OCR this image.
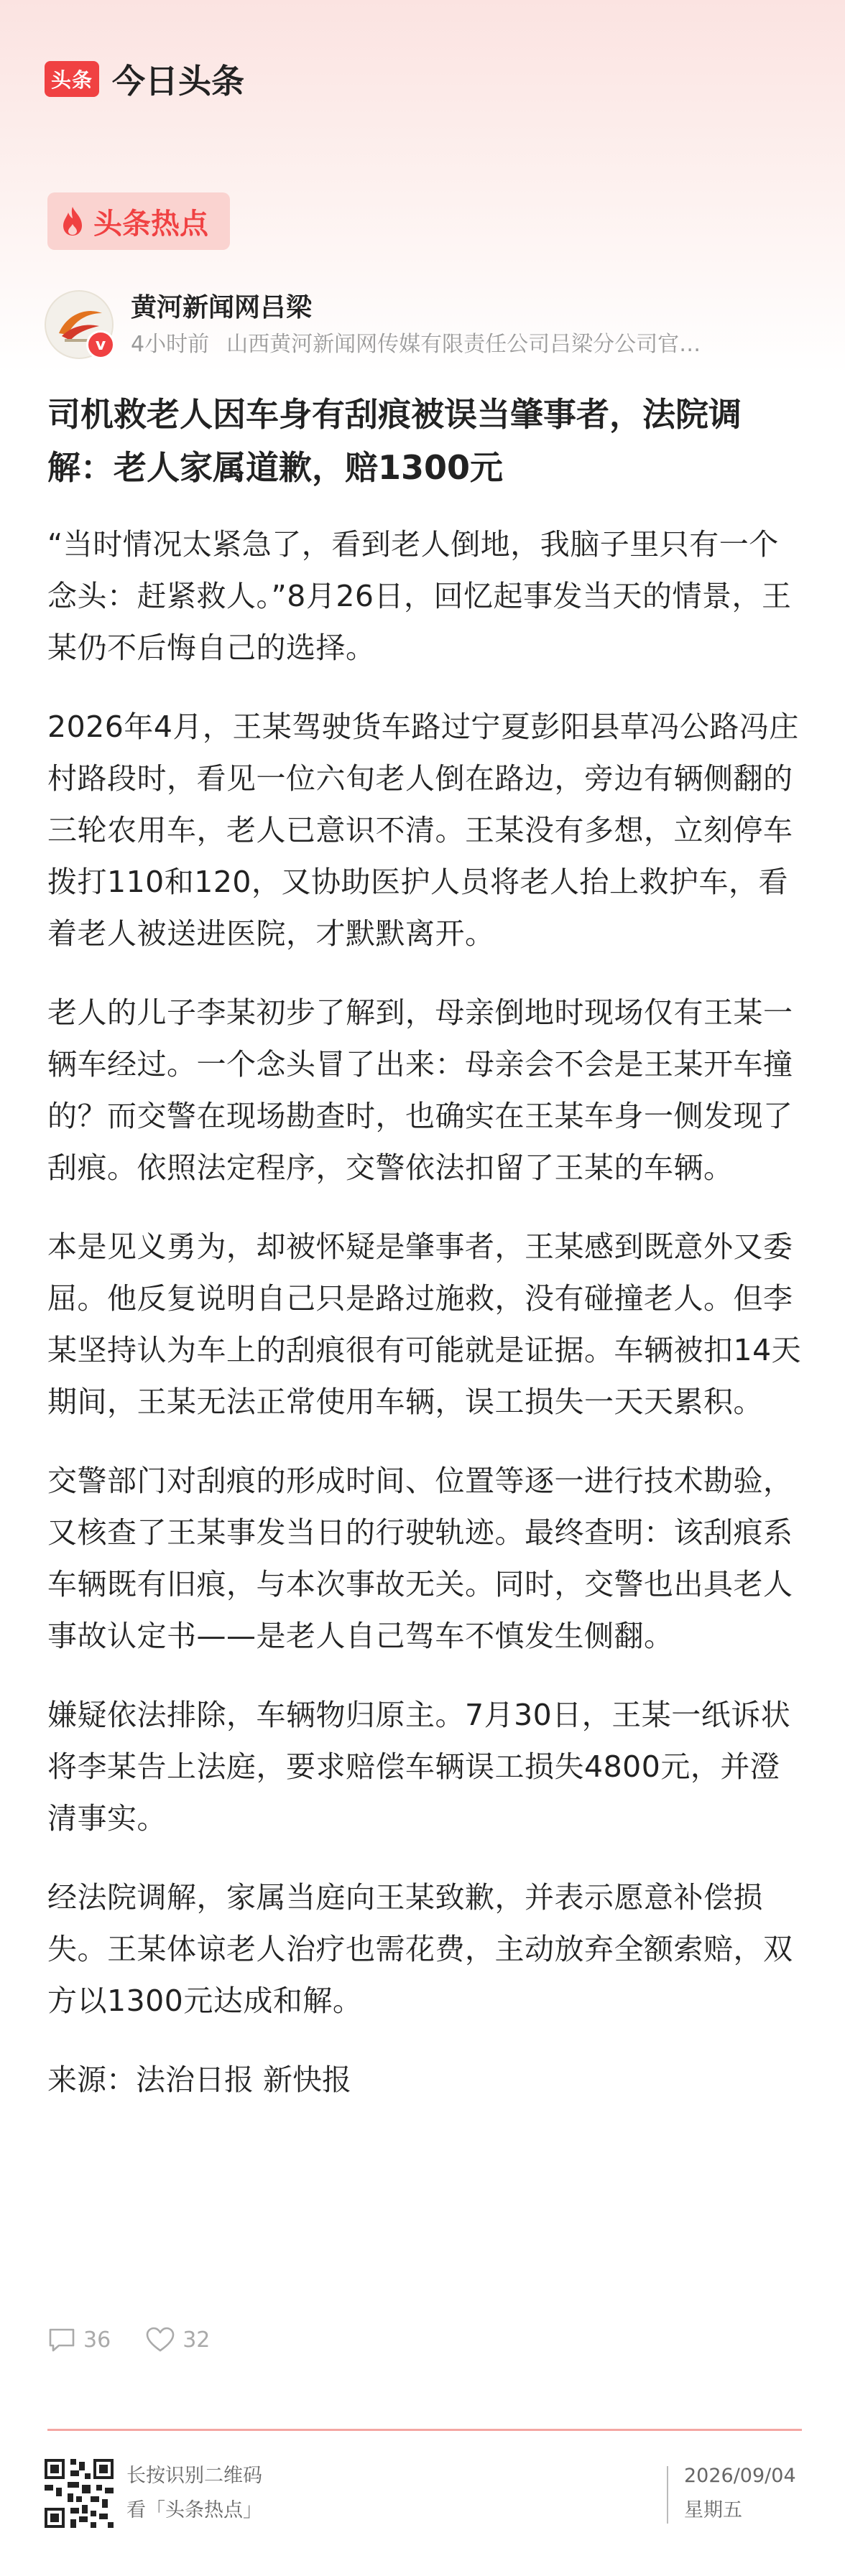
头条 今日头条
头条热点
v
黄河新闻网吕梁
4小时前 山西黄河新闻网传媒有限责任公司吕梁分公司官…
司机救老人因车身有刮痕被误当肇事者，法院调解：老人家属道歉，赔1300元

“当时情况太紧急了，看到老人倒地，我脑子里只有一个念头：赶紧救人。”8月26日，回忆起事发当天的情景，王某仍不后悔自己的选择。

2026年4月，王某驾驶货车路过宁夏彭阳县草冯公路冯庄村路段时，看见一位六旬老人倒在路边，旁边有辆侧翻的三轮农用车，老人已意识不清。王某没有多想，立刻停车拨打110和120，又协助医护人员将老人抬上救护车，看着老人被送进医院，才默默离开。

老人的儿子李某初步了解到，母亲倒地时现场仅有王某一辆车经过。一个念头冒了出来：母亲会不会是王某开车撞的？而交警在现场勘查时，也确实在王某车身一侧发现了刮痕。依照法定程序，交警依法扣留了王某的车辆。

本是见义勇为，却被怀疑是肇事者，王某感到既意外又委屈。他反复说明自己只是路过施救，没有碰撞老人。但李某坚持认为车上的刮痕很有可能就是证据。车辆被扣14天期间，王某无法正常使用车辆，误工损失一天天累积。

交警部门对刮痕的形成时间、位置等逐一进行技术勘验，又核查了王某事发当日的行驶轨迹。最终查明：该刮痕系车辆既有旧痕，与本次事故无关。同时，交警也出具老人事故认定书——是老人自己驾车不慎发生侧翻。

嫌疑依法排除，车辆物归原主。7月30日，王某一纸诉状将李某告上法庭，要求赔偿车辆误工损失4800元，并澄清事实。

经法院调解，家属当庭向王某致歉，并表示愿意补偿损失。王某体谅老人治疗也需花费，主动放弃全额索赔，双方以1300元达成和解。

来源：法治日报 新快报

36	32
长按识别二维码
看「头条热点」
2026/09/04
星期五
